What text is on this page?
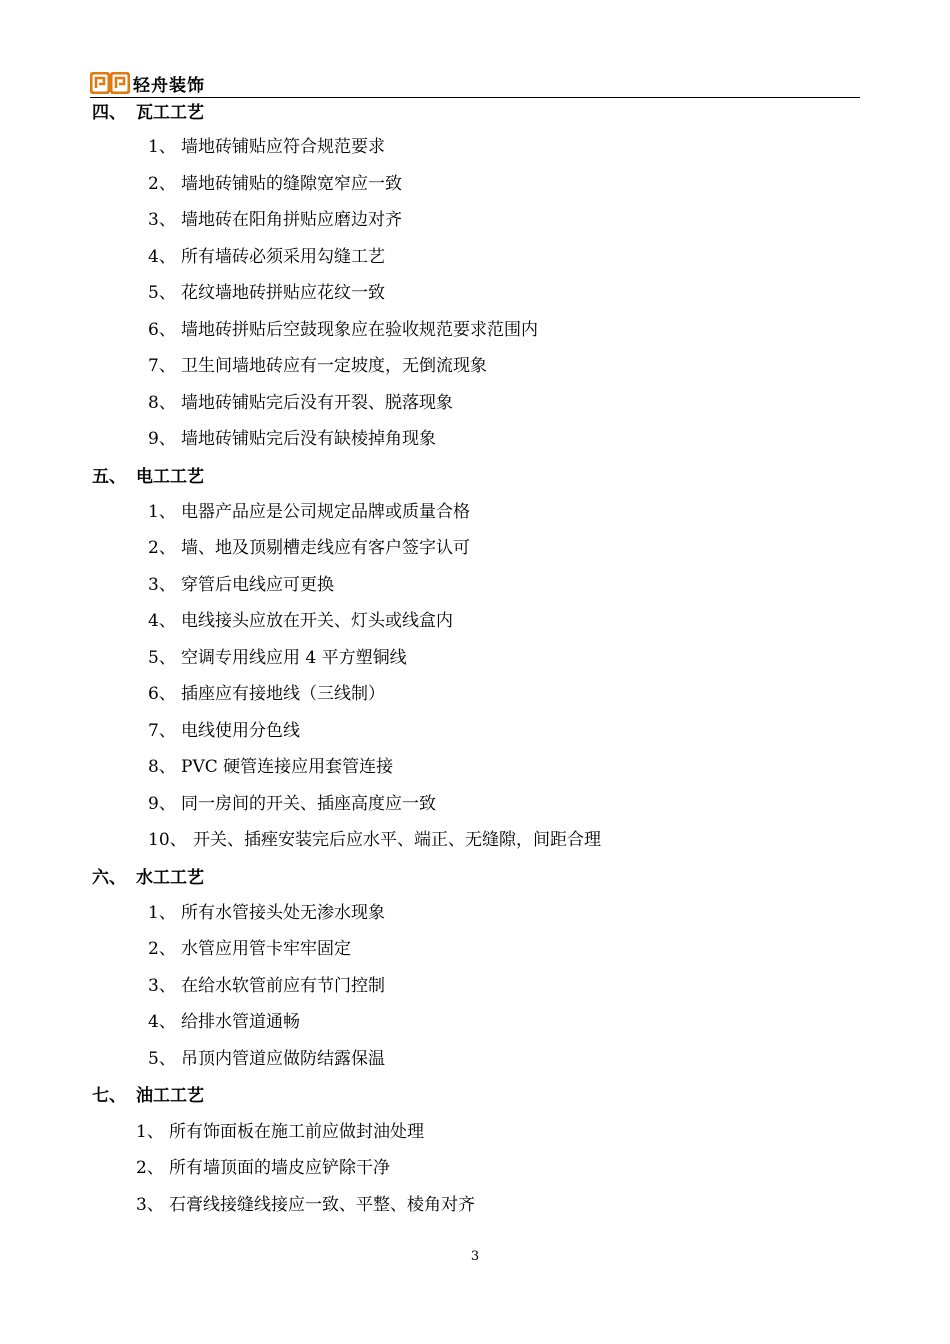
轻舟装饰
四、 瓦工工艺
1、 墙地砖铺贴应符合规范要求
2、 墙地砖铺贴的缝隙宽窄应一致
3、 墙地砖在阳角拼贴应磨边对齐
4、 所有墙砖必须采用勾缝工艺
5、 花纹墙地砖拼贴应花纹一致
6、 墙地砖拼贴后空鼓现象应在验收规范要求范围内
7、 卫生间墙地砖应有一定坡度，无倒流现象
8、 墙地砖铺贴完后没有开裂、脱落现象
9、 墙地砖铺贴完后没有缺棱掉角现象
五、 电工工艺
1、 电器产品应是公司规定品牌或质量合格
2、 墙、地及顶剔槽走线应有客户签字认可
3、 穿管后电线应可更换
4、 电线接头应放在开关、灯头或线盒内
5、 空调专用线应用 4 平方塑铜线
6、 插座应有接地线（三线制）
7、 电线使用分色线
8、 PVC 硬管连接应用套管连接
9、 同一房间的开关、插座高度应一致
10、 开关、插痤安装完后应水平、端正、无缝隙，间距合理
六、 水工工艺
1、 所有水管接头处无渗水现象
2、 水管应用管卡牢牢固定
3、 在给水软管前应有节门控制
4、 给排水管道通畅
5、 吊顶内管道应做防结露保温
七、 油工工艺
1、 所有饰面板在施工前应做封油处理
2、 所有墙顶面的墙皮应铲除干净
3、 石膏线接缝线接应一致、平整、棱角对齐
3
